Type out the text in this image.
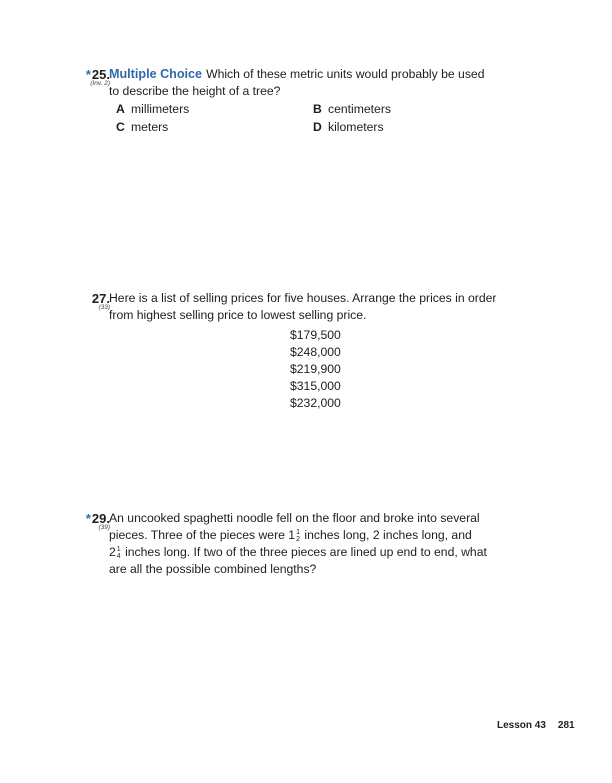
*25.
(Inv. 2)
Multiple Choice Which of these metric units would probably be used
to describe the height of a tree?
A millimeters	B centimeters
C meters	D kilometers
27.
(33)
Here is a list of selling prices for five houses. Arrange the prices in order
from highest selling price to lowest selling price.
$179,500
$248,000
$219,900
$315,000
$232,000
*29.
(39)
An uncooked spaghetti noodle fell on the floor and broke into several
pieces. Three of the pieces were 1 1
2 inches long, 2 inches long, and
2 1
4 inches long. If two of the three pieces are lined up end to end, what
are all the possible combined lengths?
Lesson 43 281
